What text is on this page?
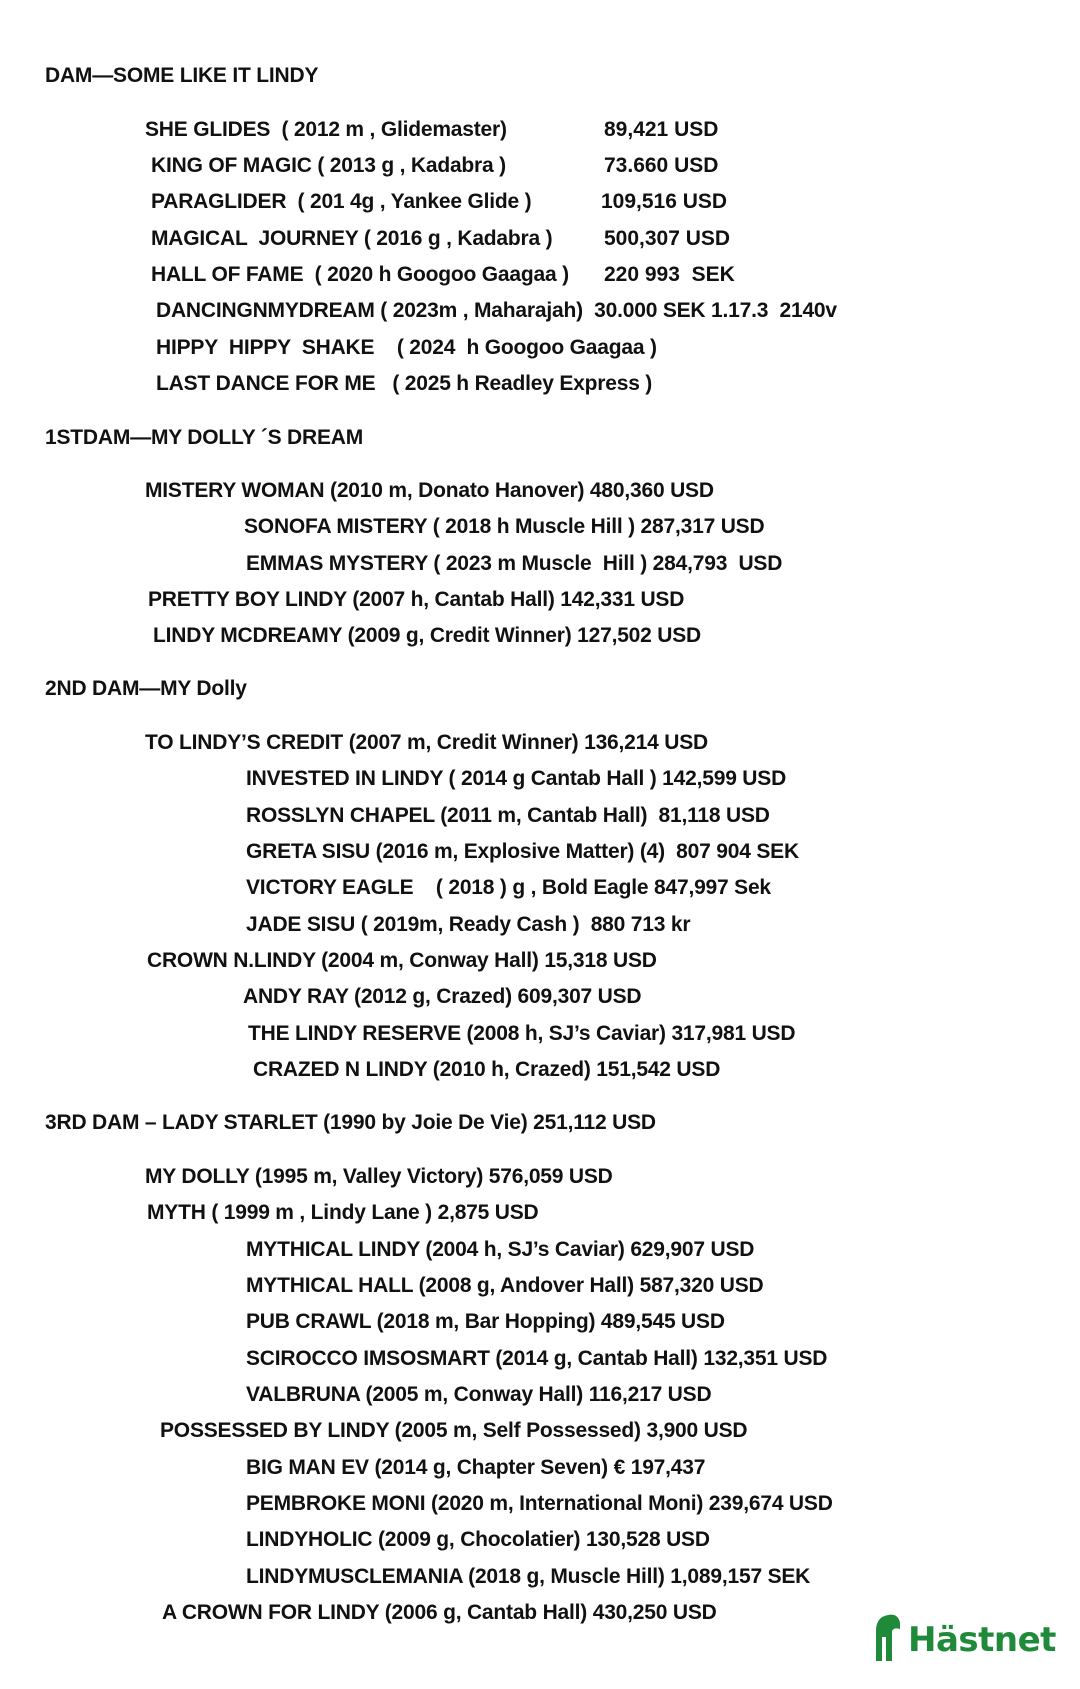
DAM—SOME LIKE IT LINDY
SHE GLIDES  ( 2012 m , Glidemaster)	89,421 USD
KING OF MAGIC ( 2013 g , Kadabra )	73.660 USD
PARAGLIDER  ( 201 4g , Yankee Glide )	109,516 USD
MAGICAL  JOURNEY ( 2016 g , Kadabra ) 500,307 USD
HALL OF FAME  ( 2020 h Googoo Gaagaa ) 220 993  SEK
DANCINGNMYDREAM ( 2023m , Maharajah)  30.000 SEK 1.17.3  2140v
HIPPY  HIPPY  SHAKE    ( 2024  h Googoo Gaagaa )
LAST DANCE FOR ME   ( 2025 h Readley Express )
1STDAM—MY DOLLY ´S DREAM
MISTERY WOMAN (2010 m, Donato Hanover) 480,360 USD
SONOFA MISTERY ( 2018 h Muscle Hill ) 287,317 USD
EMMAS MYSTERY ( 2023 m Muscle  Hill ) 284,793  USD
PRETTY BOY LINDY (2007 h, Cantab Hall) 142,331 USD
LINDY MCDREAMY (2009 g, Credit Winner) 127,502 USD
2ND DAM—MY Dolly
TO LINDY’S CREDIT (2007 m, Credit Winner) 136,214 USD
INVESTED IN LINDY ( 2014 g Cantab Hall ) 142,599 USD
ROSSLYN CHAPEL (2011 m, Cantab Hall)  81,118 USD
GRETA SISU (2016 m, Explosive Matter) (4)  807 904 SEK
VICTORY EAGLE    ( 2018 ) g , Bold Eagle 847,997 Sek
JADE SISU ( 2019m, Ready Cash )  880 713 kr
CROWN N.LINDY (2004 m, Conway Hall) 15,318 USD
ANDY RAY (2012 g, Crazed) 609,307 USD
THE LINDY RESERVE (2008 h, SJ’s Caviar) 317,981 USD
CRAZED N LINDY (2010 h, Crazed) 151,542 USD
3RD DAM – LADY STARLET (1990 by Joie De Vie) 251,112 USD
MY DOLLY (1995 m, Valley Victory) 576,059 USD
MYTH ( 1999 m , Lindy Lane ) 2,875 USD
MYTHICAL LINDY (2004 h, SJ’s Caviar) 629,907 USD
MYTHICAL HALL (2008 g, Andover Hall) 587,320 USD
PUB CRAWL (2018 m, Bar Hopping) 489,545 USD
SCIROCCO IMSOSMART (2014 g, Cantab Hall) 132,351 USD
VALBRUNA (2005 m, Conway Hall) 116,217 USD
POSSESSED BY LINDY (2005 m, Self Possessed) 3,900 USD
BIG MAN EV (2014 g, Chapter Seven) € 197,437
PEMBROKE MONI (2020 m, International Moni) 239,674 USD
LINDYHOLIC (2009 g, Chocolatier) 130,528 USD
LINDYMUSCLEMANIA (2018 g, Muscle Hill) 1,089,157 SEK
A CROWN FOR LINDY (2006 g, Cantab Hall) 430,250 USD
Hästnet
